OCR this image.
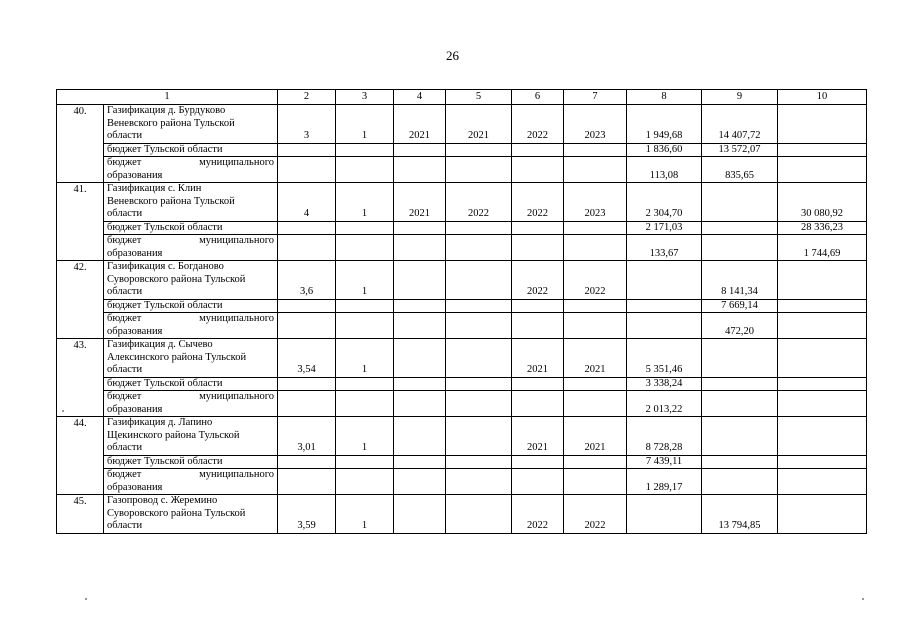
26
1		2	3	4	5	6	7	8	9	10
40.	Газификация д. Бурдуково
Веневского района Тульской
области	3	1	2021	2021	2022	2023	1 949,68	14 407,72	

	бюджет Тульской области							1 836,60	13 572,07	

	бюджет муниципального
образования							113,08	835,65	
41.	Газификация с. Клин
Веневского района Тульской
области	4	1	2021	2022	2022	2023	2 304,70		30 080,92

	бюджет Тульской области							2 171,03		28 336,23

	бюджет муниципального
образования							133,67		1 744,69
42.	Газификация с. Богданово
Суворовского района Тульской
области	3,6	1			2022	2022		8 141,34	

	бюджет Тульской области								7 669,14	

	бюджет муниципального
образования								472,20	
43.	Газификация д. Сычево
Алексинского района Тульской
области	3,54	1			2021	2021	5 351,46		

	бюджет Тульской области							3 338,24		

	бюджет муниципального
образования							2 013,22		
44.	Газификация д. Лапино
Щекинского района Тульской
области	3,01	1			2021	2021	8 728,28		

	бюджет Тульской области							7 439,11		

	бюджет муниципального
образования							1 289,17		
45.	Газопровод с. Жеремино
Суворовского района Тульской
области	3,59	1			2022	2022		13 794,85	
